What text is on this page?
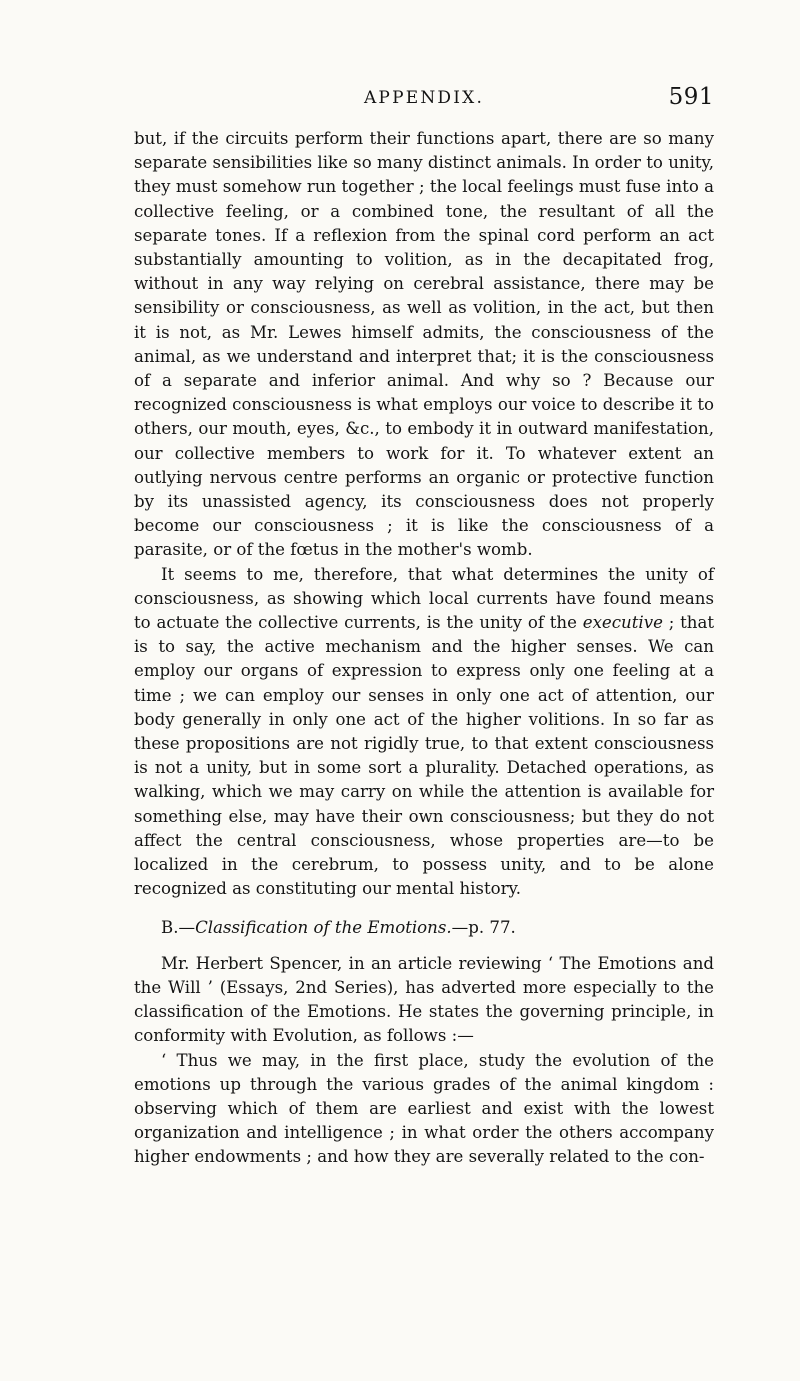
APPENDIX.	591

but, if the circuits perform their functions apart, there are so many separate sensibilities like so many distinct animals. In order to unity, they must somehow run together ; the local feelings must fuse into a collective feeling, or a combined tone, the resultant of all the separate tones. If a reflexion from the spinal cord perform an act substantially amounting to volition, as in the decapitated frog, without in any way relying on cerebral assistance, there may be sensibility or consciousness, as well as volition, in the act, but then it is not, as Mr. Lewes himself admits, the consciousness of the animal, as we understand and interpret that; it is the consciousness of a separate and inferior animal. And why so ? Because our recognized consciousness is what employs our voice to describe it to others, our mouth, eyes, &c., to embody it in outward manifestation, our collective members to work for it. To whatever extent an outlying nervous centre performs an organic or protective function by its unassisted agency, its consciousness does not properly become our consciousness ; it is like the consciousness of a parasite, or of the fœtus in the mother's womb.

It seems to me, therefore, that what determines the unity of consciousness, as showing which local currents have found means to actuate the collective currents, is the unity of the executive ; that is to say, the active mechanism and the higher senses. We can employ our organs of expression to express only one feeling at a time ; we can employ our senses in only one act of attention, our body generally in only one act of the higher volitions. In so far as these propositions are not rigidly true, to that extent consciousness is not a unity, but in some sort a plurality. Detached operations, as walking, which we may carry on while the attention is available for something else, may have their own consciousness; but they do not affect the central consciousness, whose properties are—to be localized in the cerebrum, to possess unity, and to be alone recognized as constituting our mental history.

B.—Classification of the Emotions.—p. 77.

Mr. Herbert Spencer, in an article reviewing ‘ The Emotions and the Will ’ (Essays, 2nd Series), has adverted more especially to the classification of the Emotions. He states the governing principle, in conformity with Evolution, as follows :—

‘ Thus we may, in the first place, study the evolution of the emotions up through the various grades of the animal kingdom : observing which of them are earliest and exist with the lowest organization and intelligence ; in what order the others accompany higher endowments ; and how they are severally related to the con-
